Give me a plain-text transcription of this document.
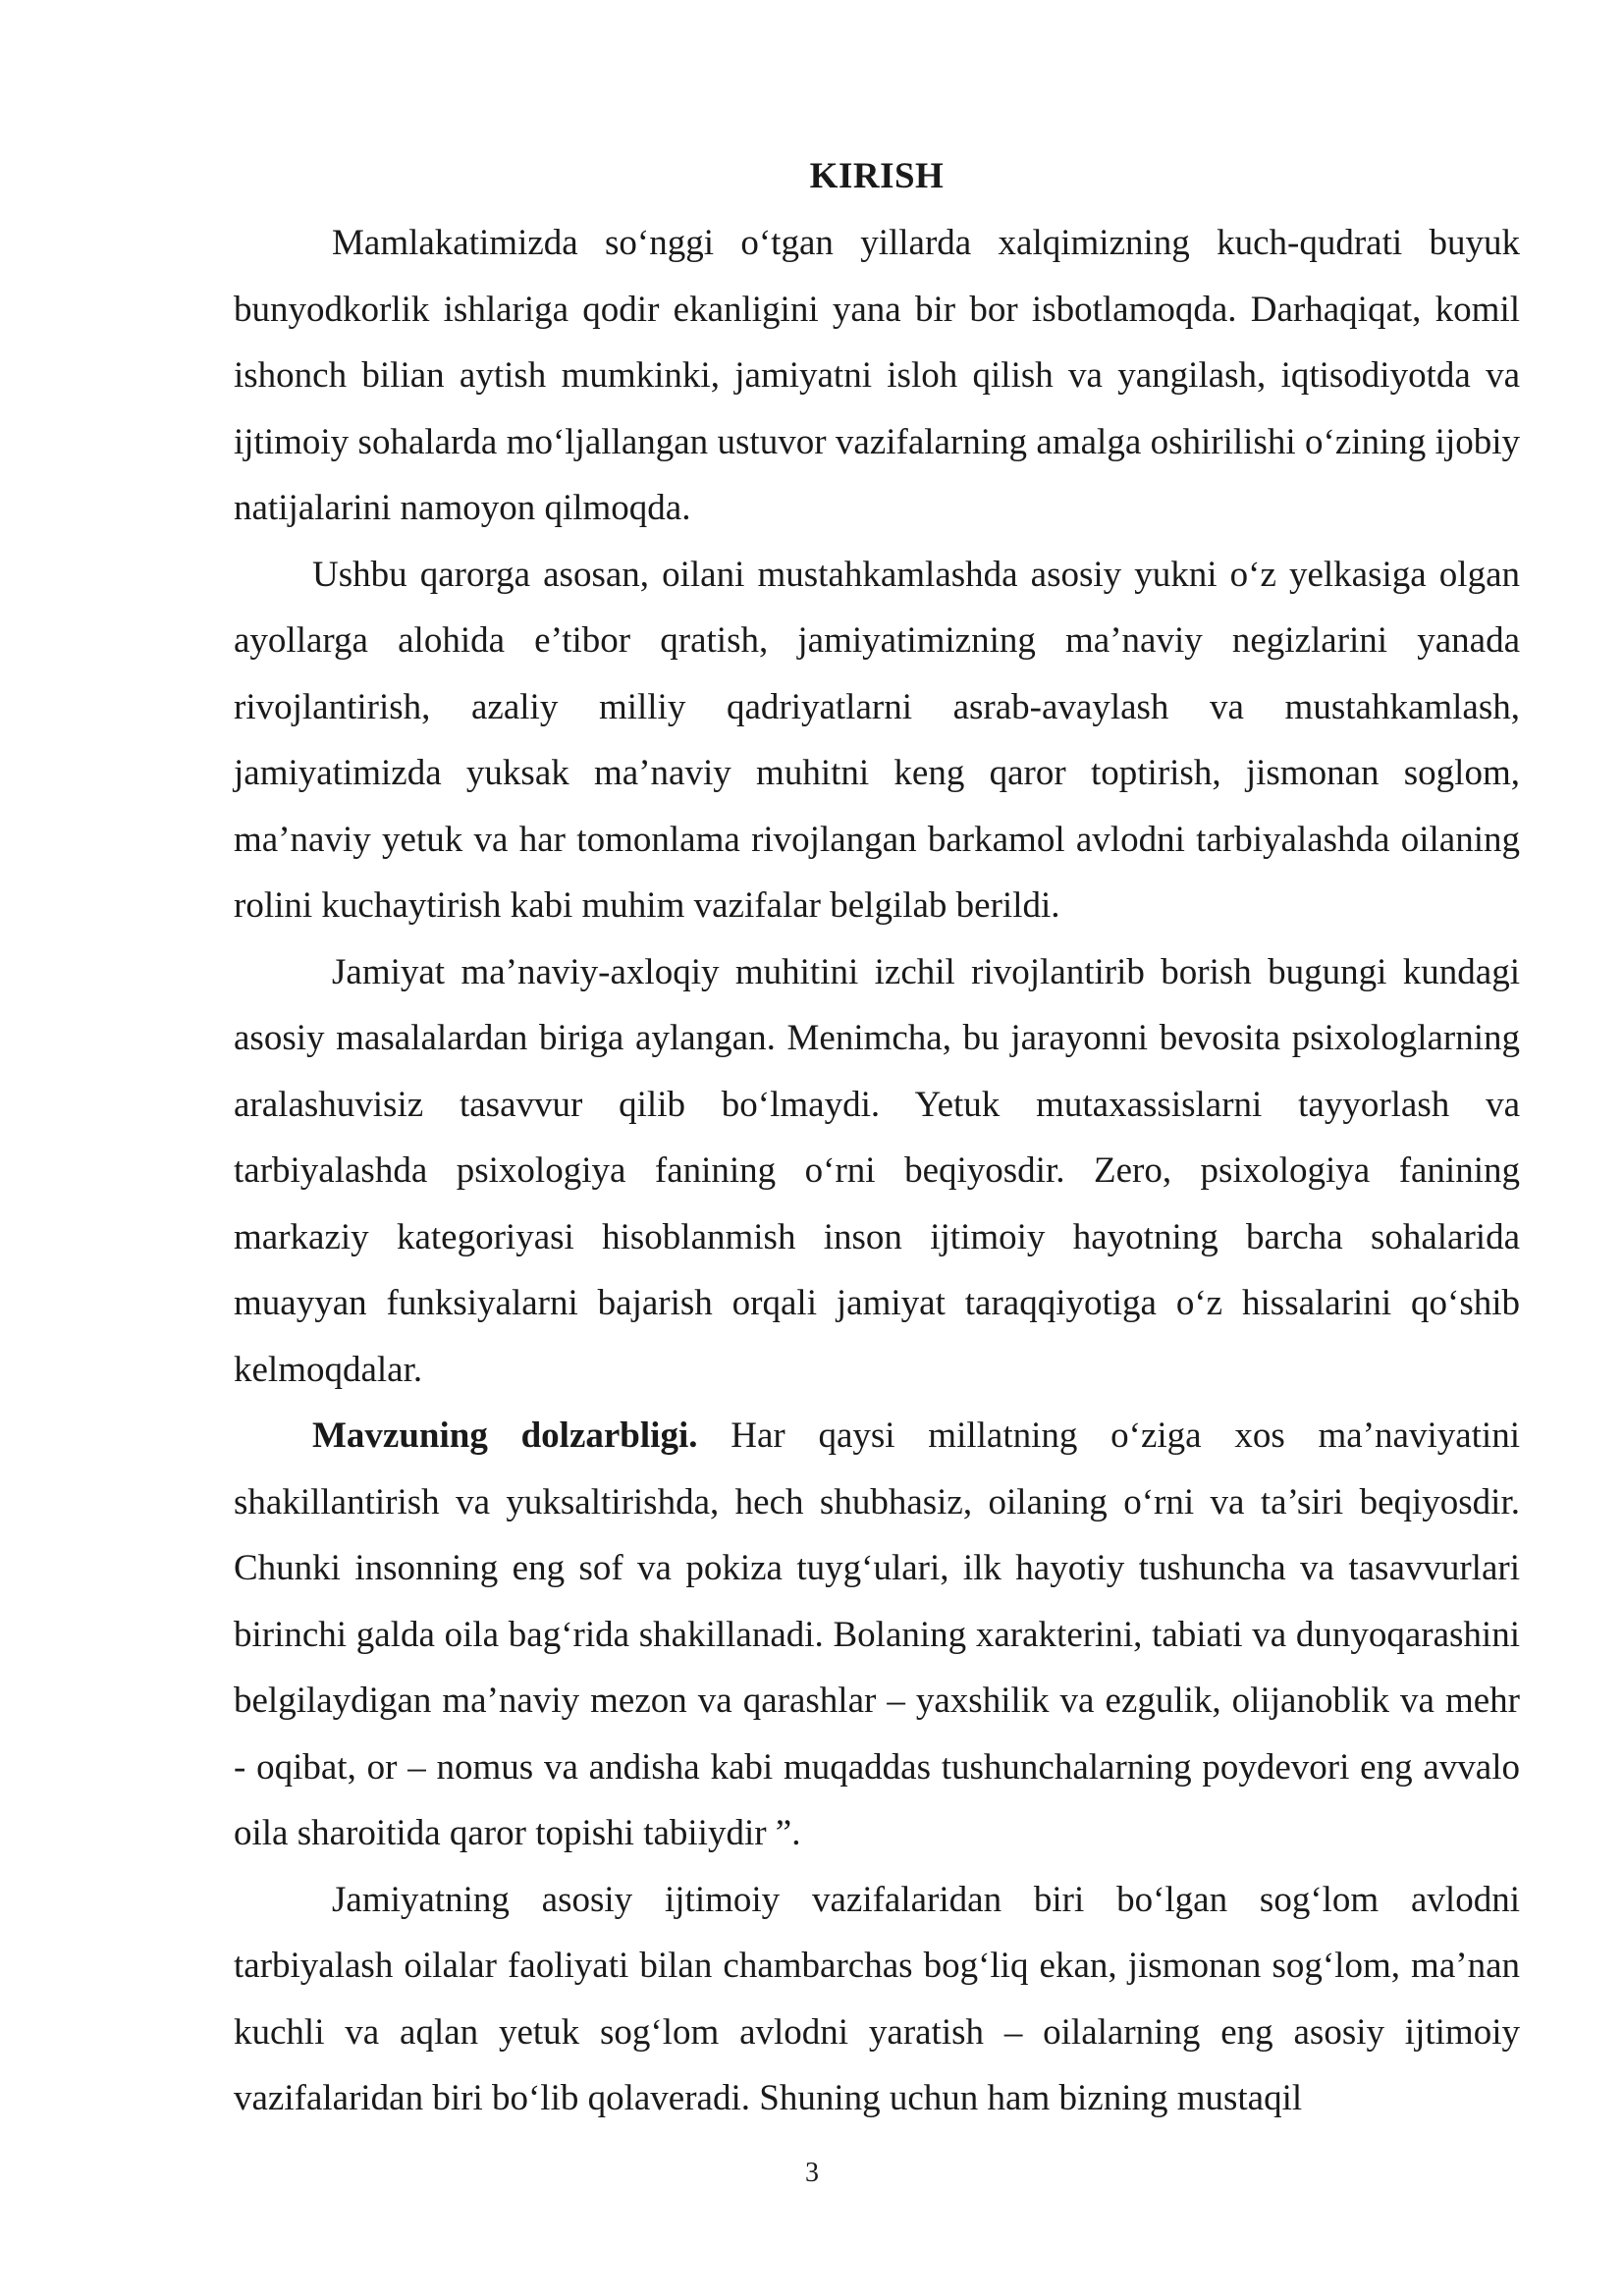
KIRISH

Mamlakatimizda so‘nggi o‘tgan yillarda xalqimizning kuch-qudrati buyuk bunyodkorlik ishlariga qodir ekanligini yana bir bor isbotlamoqda. Darhaqiqat, komil ishonch bilian aytish mumkinki, jamiyatni isloh qilish va yangilash, iqtisodiyotda va ijtimoiy sohalarda mo‘ljallangan ustuvor vazifalarning amalga oshirilishi o‘zining ijobiy natijalarini namoyon qilmoqda.

Ushbu qarorga asosan, oilani mustahkamlashda asosiy yukni o‘z yelkasiga olgan ayollarga alohida e’tibor qratish, jamiyatimizning ma’naviy negizlarini yanada rivojlantirish, azaliy milliy qadriyatlarni asrab-avaylash va mustahkamlash, jamiyatimizda yuksak ma’naviy muhitni keng qaror toptirish, jismonan soglom, ma’naviy yetuk va har tomonlama rivojlangan barkamol avlodni tarbiyalashda oilaning rolini kuchaytirish kabi muhim vazifalar belgilab berildi.

Jamiyat ma’naviy-axloqiy muhitini izchil rivojlantirib borish bugungi kundagi asosiy masalalardan biriga aylangan. Menimcha, bu jarayonni bevosita psixologlarning aralashuvisiz tasavvur qilib bo‘lmaydi. Yetuk mutaxassislarni tayyorlash va tarbiyalashda psixologiya fanining o‘rni beqiyosdir. Zero, psixologiya fanining markaziy kategoriyasi hisoblanmish inson ijtimoiy hayotning barcha sohalarida muayyan funksiyalarni bajarish orqali jamiyat taraqqiyotiga o‘z hissalarini qo‘shib kelmoqdalar.

Mavzuning dolzarbligi. Har qaysi millatning o‘ziga xos ma’naviyatini shakillantirish va yuksaltirishda, hech shubhasiz, oilaning o‘rni va ta’siri beqiyosdir. Chunki insonning eng sof va pokiza tuyg‘ulari, ilk hayotiy tushuncha va tasavvurlari birinchi galda oila bag‘rida shakillanadi. Bolaning xarakterini, tabiati va dunyoqarashini belgilaydigan ma’naviy mezon va qarashlar – yaxshilik va ezgulik, olijanoblik va mehr - oqibat, or – nomus va andisha kabi muqaddas tushunchalarning poydevori eng avvalo oila sharoitida qaror topishi tabiiydir ”.

Jamiyatning asosiy ijtimoiy vazifalaridan biri bo‘lgan sog‘lom avlodni tarbiyalash oilalar faoliyati bilan chambarchas bog‘liq ekan, jismonan sog‘lom, ma’nan kuchli va aqlan yetuk sog‘lom avlodni yaratish – oilalarning eng asosiy ijtimoiy vazifalaridan biri bo‘lib qolaveradi. Shuning uchun ham bizning mustaqil

3
